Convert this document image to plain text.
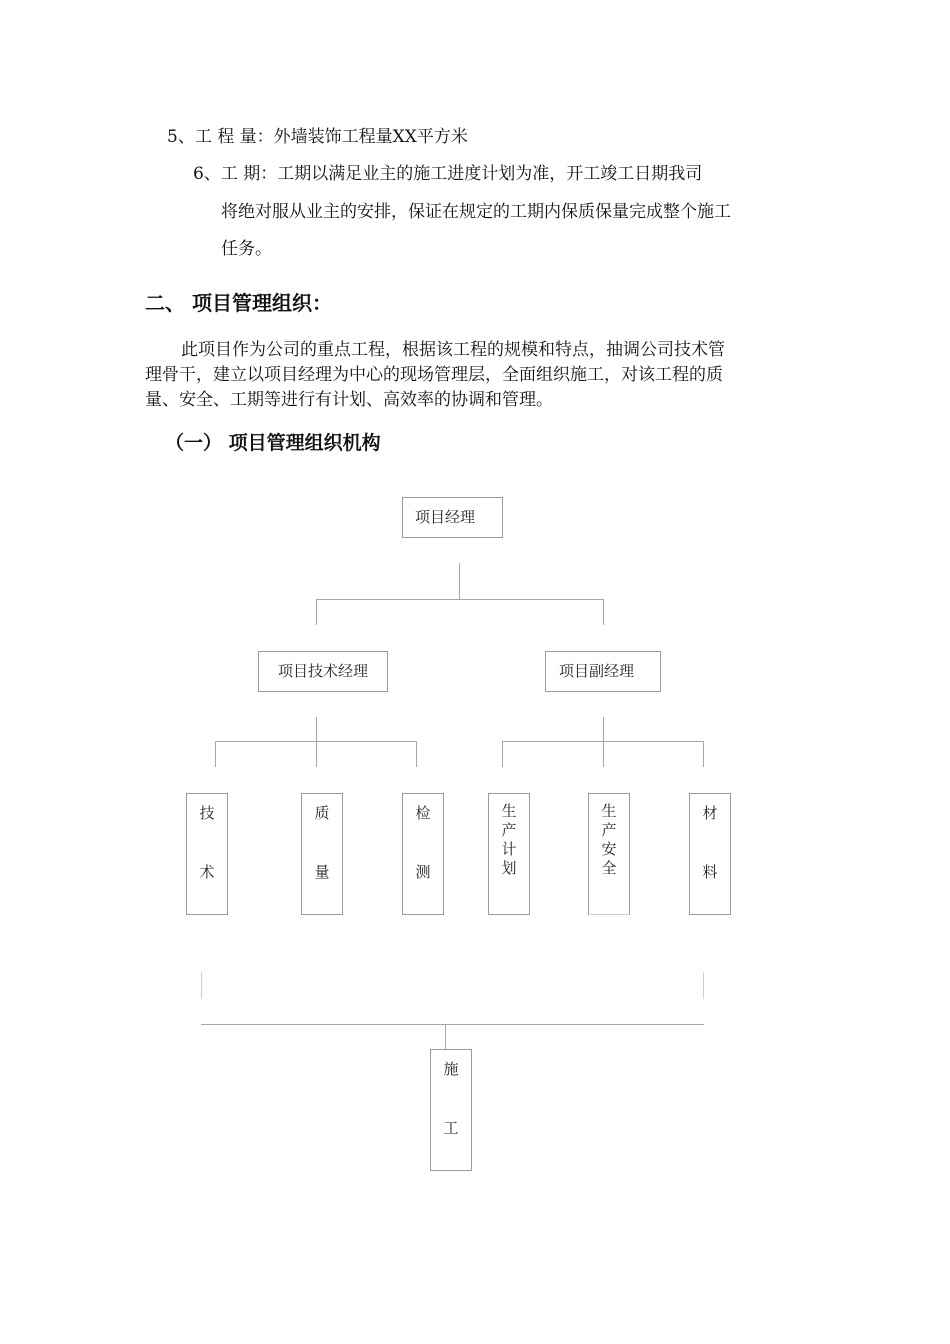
5、工 程 量：外墙装饰工程量XX平方米
6、工 期：工期以满足业主的施工进度计划为准，开工竣工日期我司
将绝对服从业主的安排，保证在规定的工期内保质保量完成整个施工
任务。
二、 项目管理组织：
此项目作为公司的重点工程，根据该工程的规模和特点，抽调公司技术管
理骨干，建立以项目经理为中心的现场管理层，全面组织施工，对该工程的质
量、安全、工期等进行有计划、高效率的协调和管理。
（一） 项目管理组织机构
项目经理
项目技术经理	项目副经理
技
术
质
量
检
测
生
产
计
划
生
产
安
全
材
料
施
工
